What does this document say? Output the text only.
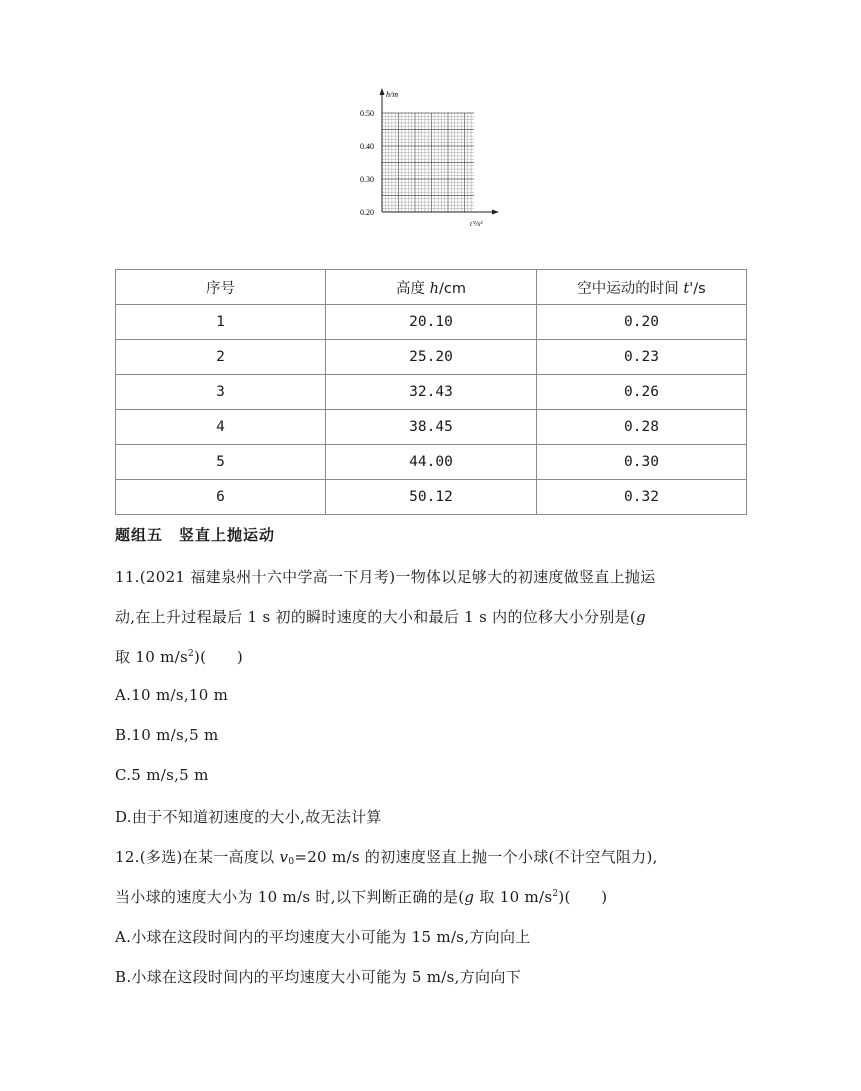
h/m
t'²/s²
0.50
0.40
0.30
0.20
序号	高度 h/cm	空中运动的时间 t'/s
1	20.10	0.20
2	25.20	0.23
3	32.43	0.26
4	38.45	0.28
5	44.00	0.30
6	50.12	0.32
题组五　竖直上抛运动
11.(2021 福建泉州十六中学高一下月考)一物体以足够大的初速度做竖直上抛运
动,在上升过程最后 1 s 初的瞬时速度的大小和最后 1 s 内的位移大小分别是(g
取 10 $m/s^2$)(　　)
A.10 m/s,10 m
B.10 m/s,5 m
C.5 m/s,5 m
D.由于不知道初速度的大小,故无法计算
12.(多选)在某一高度以 $v_0=20$ m/s 的初速度竖直上抛一个小球(不计空气阻力),
当小球的速度大小为 10 m/s 时,以下判断正确的是(g 取 10 $m/s^2$)(　　)
A.小球在这段时间内的平均速度大小可能为 15 m/s,方向向上
B.小球在这段时间内的平均速度大小可能为 5 m/s,方向向下
